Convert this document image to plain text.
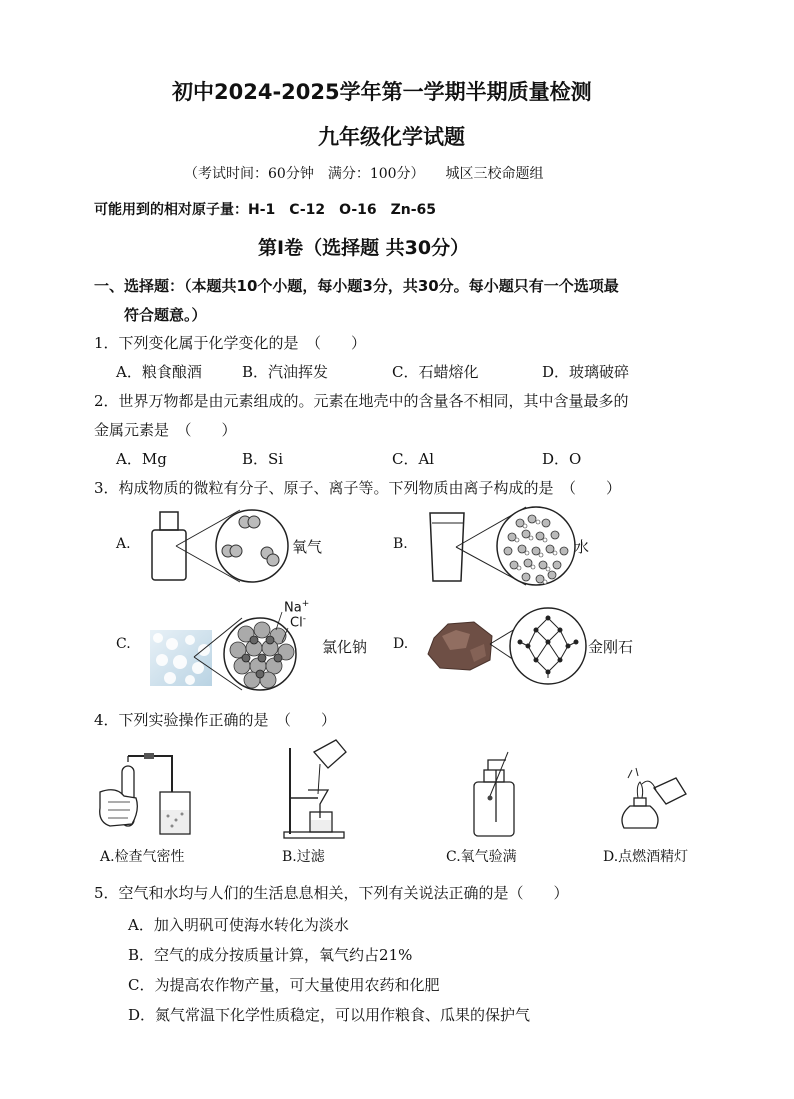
初中2024-2025学年第一学期半期质量检测
九年级化学试题
（考试时间：60分钟　满分：100分）　　城区三校命题组
可能用到的相对原子量：H-1　C-12　O-16　Zn-65
第Ⅰ卷（选择题 共30分）
一、选择题：（本题共10个小题，每小题3分，共30分。每小题只有一个选项最
符合题意。）
1．下列变化属于化学变化的是　（　　）
A．粮食酿酒	B．汽油挥发	C．石蜡熔化	D．玻璃破碎
2．世界万物都是由元素组成的。元素在地壳中的含量各不相同，其中含量最多的
金属元素是　（　　）
A．Mg	B．Si	C．Al	D．O
3．构成物质的微粒有分子、原子、离子等。下列物质由离子构成的是　（　　）
A.	氧气	B.	水
C.
Na+
Cl-
氯化钠 D.	金刚石
4．下列实验操作正确的是　（　　）
A.检查气密性	B.过滤	C.氧气验满	D.点燃酒精灯
5．空气和水均与人们的生活息息相关，下列有关说法正确的是（　　）
A．加入明矾可使海水转化为淡水
B．空气的成分按质量计算，氧气约占21%
C．为提高农作物产量，可大量使用农药和化肥
D．氮气常温下化学性质稳定，可以用作粮食、瓜果的保护气
